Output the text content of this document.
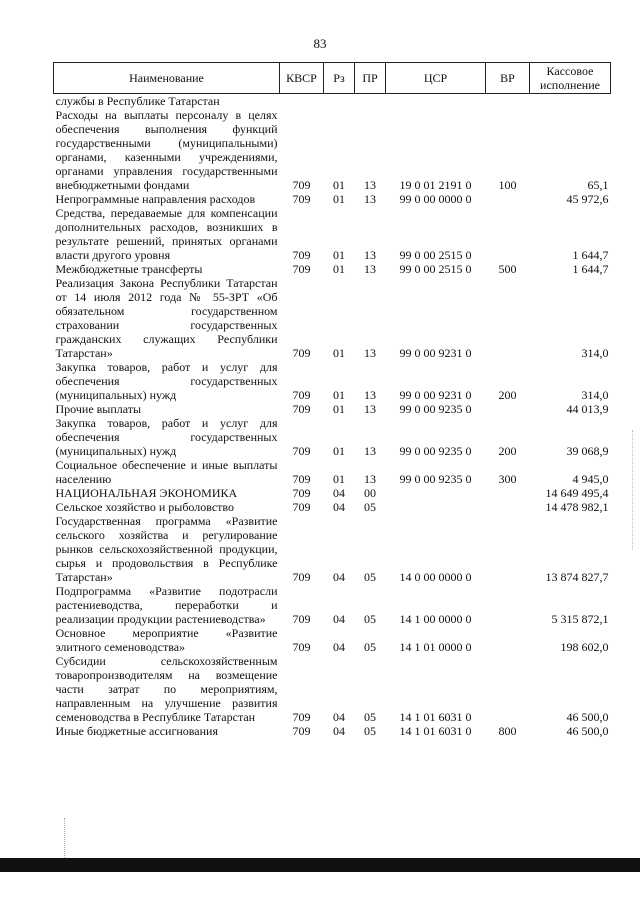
83
Наименование	КВСР	Рз	ПР	ЦСР	ВР	Кассовое исполнение
службы в Республике Татарстан						
Расходы на выплаты персоналу в целях обеспечения выполнения функций государственными (муниципальными) органами, казенными учреждениями, органами управления государственными внебюджетными фондами	709	01	13	19 0 01 2191 0	100	65,1
Непрограммные направления расходов	709	01	13	99 0 00 0000 0		45 972,6
Средства, передаваемые для компенсации дополнительных расходов, возникших в результате решений, принятых органами власти другого уровня	709	01	13	99 0 00 2515 0		1 644,7
Межбюджетные трансферты	709	01	13	99 0 00 2515 0	500	1 644,7
Реализация Закона Республики Татарстан от 14 июля 2012 года № 55-ЗРТ «Об обязательном государственном страховании государственных гражданских служащих Республики Татарстан»	709	01	13	99 0 00 9231 0		314,0
Закупка товаров, работ и услуг для обеспечения государственных (муниципальных) нужд	709	01	13	99 0 00 9231 0	200	314,0
Прочие выплаты	709	01	13	99 0 00 9235 0		44 013,9
Закупка товаров, работ и услуг для обеспечения государственных (муниципальных) нужд	709	01	13	99 0 00 9235 0	200	39 068,9
Социальное обеспечение и иные выплаты населению	709	01	13	99 0 00 9235 0	300	4 945,0
НАЦИОНАЛЬНАЯ ЭКОНОМИКА	709	04	00			14 649 495,4
Сельское хозяйство и рыболовство	709	04	05			14 478 982,1
Государственная программа «Развитие сельского хозяйства и регулирование рынков сельскохозяйственной продукции, сырья и продовольствия в Республике Татарстан»	709	04	05	14 0 00 0000 0		13 874 827,7
Подпрограмма «Развитие подотрасли растениеводства, переработки и реализации продукции растениеводства»	709	04	05	14 1 00 0000 0		5 315 872,1
Основное мероприятие «Развитие элитного семеноводства»	709	04	05	14 1 01 0000 0		198 602,0
Субсидии сельскохозяйственным товаропроизводителям на возмещение части затрат по мероприятиям, направленным на улучшение развития семеноводства в Республике Татарстан	709	04	05	14 1 01 6031 0		46 500,0
Иные бюджетные ассигнования	709	04	05	14 1 01 6031 0	800	46 500,0
